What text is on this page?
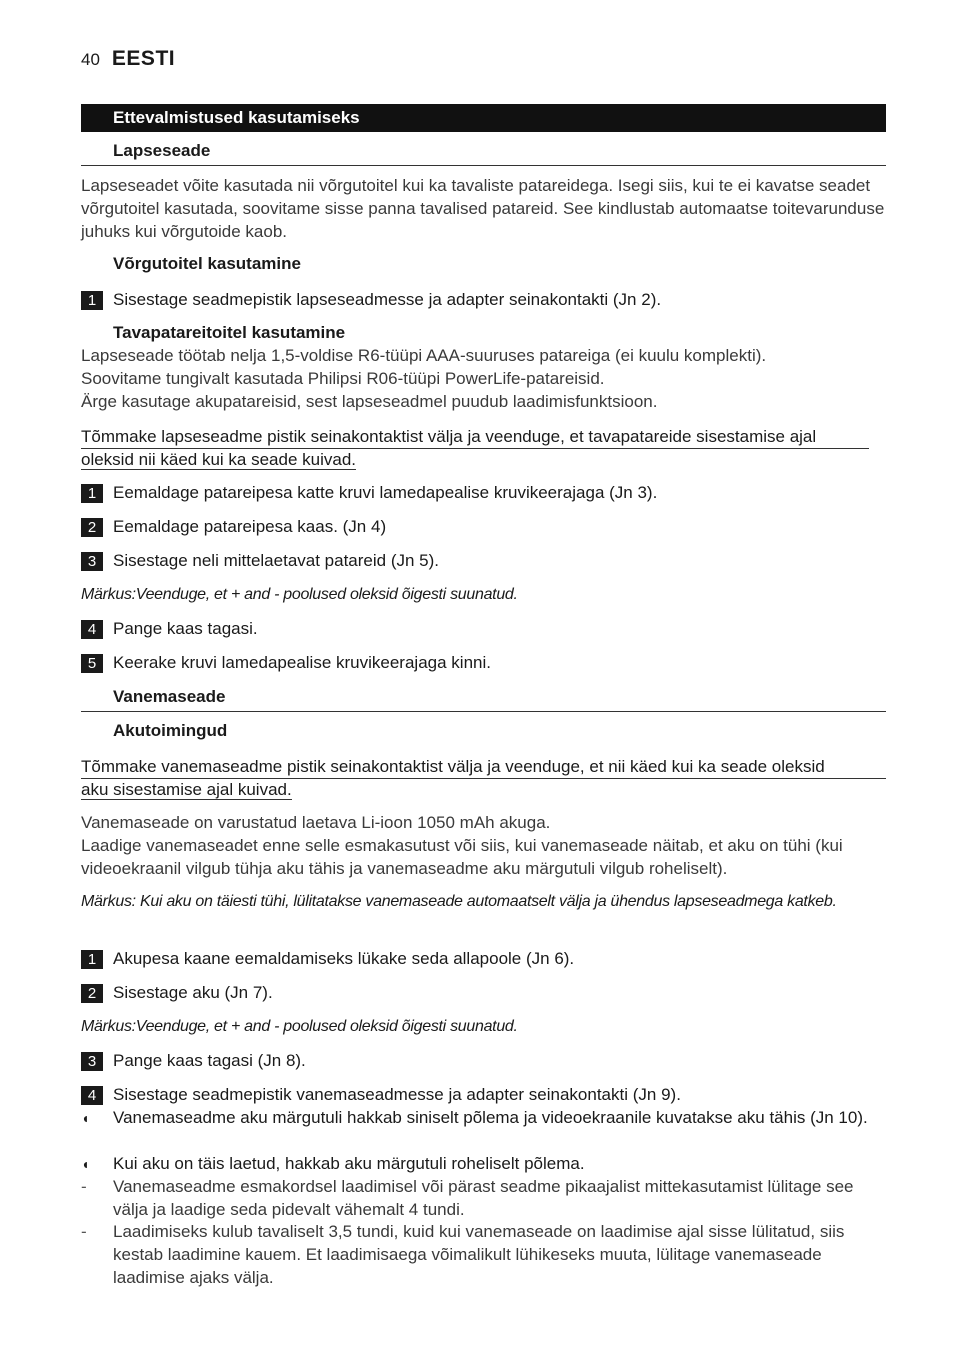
40 EESTI
Ettevalmistused kasutamiseks
Lapseseade
Lapseseadet võite kasutada nii võrgutoitel kui ka tavaliste patareidega. Isegi siis, kui te ei kavatse seadet võrgutoitel kasutada, soovitame sisse panna tavalised patareid. See kindlustab automaatse toitevarunduse juhuks kui võrgutoide kaob.
Võrgutoitel kasutamine
1 Sisestage seadmepistik lapseseadmesse ja adapter seinakontakti (Jn 2).
Tavapatareitoitel kasutamine
Lapseseade töötab nelja 1,5-voldise R6-tüüpi AAA-suuruses patareiga (ei kuulu komplekti).
Soovitame tungivalt kasutada Philipsi R06-tüüpi PowerLife-patareisid.
Ärge kasutage akupatareisid, sest lapseseadmel puudub laadimisfunktsioon.
Tõmmake lapseseadme pistik seinakontaktist välja ja veenduge, et tavapatareide sisestamise ajal
oleksid nii käed kui ka seade kuivad.
1 Eemaldage patareipesa katte kruvi lamedapealise kruvikeerajaga (Jn 3).
2 Eemaldage patareipesa kaas. (Jn 4)
3 Sisestage neli mittelaetavat patareid (Jn 5).
Märkus:Veenduge, et + and - poolused oleksid õigesti suunatud.
4 Pange kaas tagasi.
5 Keerake kruvi lamedapealise kruvikeerajaga kinni.
Vanemaseade
Akutoimingud
Tõmmake vanemaseadme pistik seinakontaktist välja ja veenduge, et nii käed kui ka seade oleksid
aku sisestamise ajal kuivad.
Vanemaseade on varustatud laetava Li-ioon 1050 mAh akuga.
Laadige vanemaseadet enne selle esmakasutust või siis, kui vanemaseade näitab, et aku on tühi (kui videoekraanil vilgub tühja aku tähis ja vanemaseadme aku märgutuli vilgub roheliselt).
Märkus: Kui aku on täiesti tühi, lülitatakse vanemaseade automaatselt välja ja ühendus lapseseadmega katkeb.
1 Akupesa kaane eemaldamiseks lükake seda allapoole (Jn 6).
2 Sisestage aku (Jn 7).
Märkus:Veenduge, et + and - poolused oleksid õigesti suunatud.
3 Pange kaas tagasi (Jn 8).
4 Sisestage seadmepistik vanemaseadmesse ja adapter seinakontakti (Jn 9).
◖	Vanemaseadme aku märgutuli hakkab siniselt põlema ja videoekraanile kuvatakse aku tähis (Jn 10).
◖	Kui aku on täis laetud, hakkab aku märgutuli roheliselt põlema.
-	Vanemaseadme esmakordsel laadimisel või pärast seadme pikaajalist mittekasutamist lülitage see välja ja laadige seda pidevalt vähemalt 4 tundi.
-	Laadimiseks kulub tavaliselt 3,5 tundi, kuid kui vanemaseade on laadimise ajal sisse lülitatud, siis kestab laadimine kauem. Et laadimisaega võimalikult lühikeseks muuta, lülitage vanemaseade laadimise ajaks välja.
